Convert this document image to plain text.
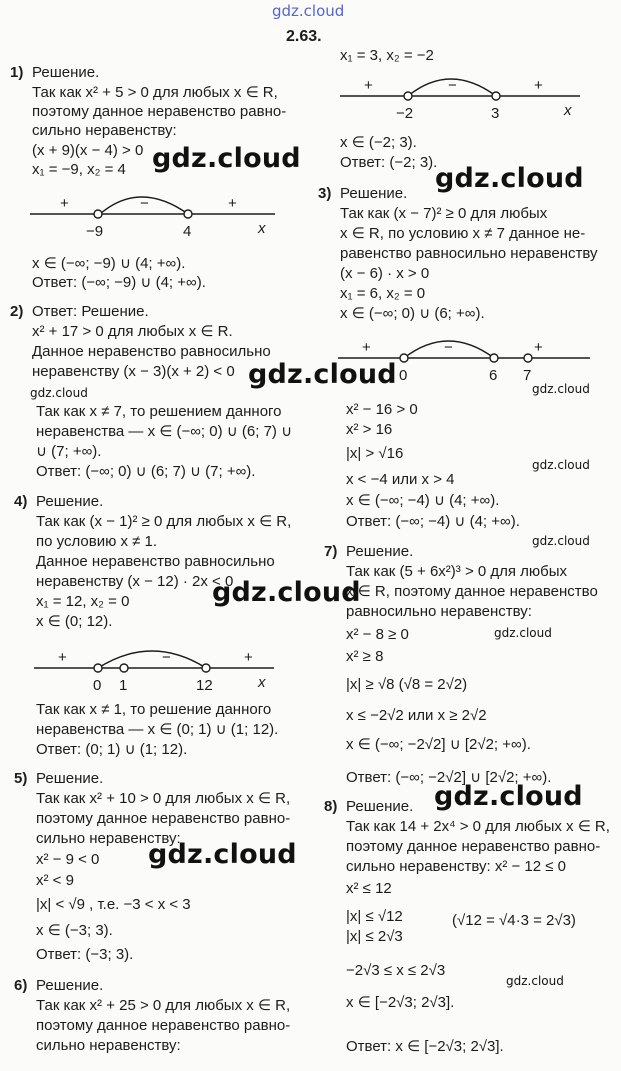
gdz.cloud
2.63.
1) Решение.
Так как x² + 5 > 0 для любых x ∈ R,
поэтому данное неравенство равно-
сильно неравенству:
(x + 9)(x − 4) > 0
x₁ = −9, x₂ = 4
+	−	+
−9	4	x
x ∈ (−∞; −9) ∪ (4; +∞).
Ответ: (−∞; −9) ∪ (4; +∞).
2) Ответ: Решение.
x² + 17 > 0 для любых x ∈ R.
Данное неравенство равносильно
неравенству (x − 3)(x + 2) < 0
Так как x ≠ 7, то решением данного
неравенства — x ∈ (−∞; 0) ∪ (6; 7) ∪
∪ (7; +∞).
Ответ: (−∞; 0) ∪ (6; 7) ∪ (7; +∞).
4) Решение.
Так как (x − 1)² ≥ 0 для любых x ∈ R,
по условию x ≠ 1.
Данное неравенство равносильно
неравенству (x − 12) · 2x < 0
x₁ = 12, x₂ = 0
x ∈ (0; 12).
+	−	+
0 1	12	x
Так как x ≠ 1, то решение данного
неравенства — x ∈ (0; 1) ∪ (1; 12).
Ответ: (0; 1) ∪ (1; 12).
5) Решение.
Так как x² + 10 > 0 для любых x ∈ R,
поэтому данное неравенство равно-
сильно неравенству:
x² − 9 < 0
x² < 9
|x| < √9 , т.е. −3 < x < 3
x ∈ (−3; 3).
Ответ: (−3; 3).
6) Решение.
Так как x² + 25 > 0 для любых x ∈ R,
поэтому данное неравенство равно-
сильно неравенству:
x₁ = 3, x₂ = −2
+	−	+
−2	3	x
x ∈ (−2; 3).
Ответ: (−2; 3).
3) Решение.
Так как (x − 7)² ≥ 0 для любых
x ∈ R, по условию x ≠ 7 данное не-
равенство равносильно неравенству
(x − 6) · x > 0
x₁ = 6, x₂ = 0
x ∈ (−∞; 0) ∪ (6; +∞).
+	−	+
0	6 7
x² − 16 > 0
x² > 16
|x| > √16
x < −4 или x > 4
x ∈ (−∞; −4) ∪ (4; +∞).
Ответ: (−∞; −4) ∪ (4; +∞).
7) Решение.
Так как (5 + 6x²)³ > 0 для любых
x ∈ R, поэтому данное неравенство
равносильно неравенству:
x² − 8 ≥ 0
x² ≥ 8
|x| ≥ √8 (√8 = 2√2)
x ≤ −2√2 или x ≥ 2√2
x ∈ (−∞; −2√2] ∪ [2√2; +∞).
Ответ: (−∞; −2√2] ∪ [2√2; +∞).
8) Решение.
Так как 14 + 2x⁴ > 0 для любых x ∈ R,
поэтому данное неравенство равно-
сильно неравенству: x² − 12 ≤ 0
x² ≤ 12
|x| ≤ √12
|x| ≤ 2√3
(√12 = √4·3 = 2√3)
−2√3 ≤ x ≤ 2√3
x ∈ [−2√3; 2√3].
Ответ: x ∈ [−2√3; 2√3].
gdz.cloud
gdz.cloud
gdz.cloud
gdz.cloud
gdz.cloud
gdz.cloud
gdz.cloud	gdz.cloud
gdz.cloud
gdz.cloud
gdz.cloud
gdz.cloud
